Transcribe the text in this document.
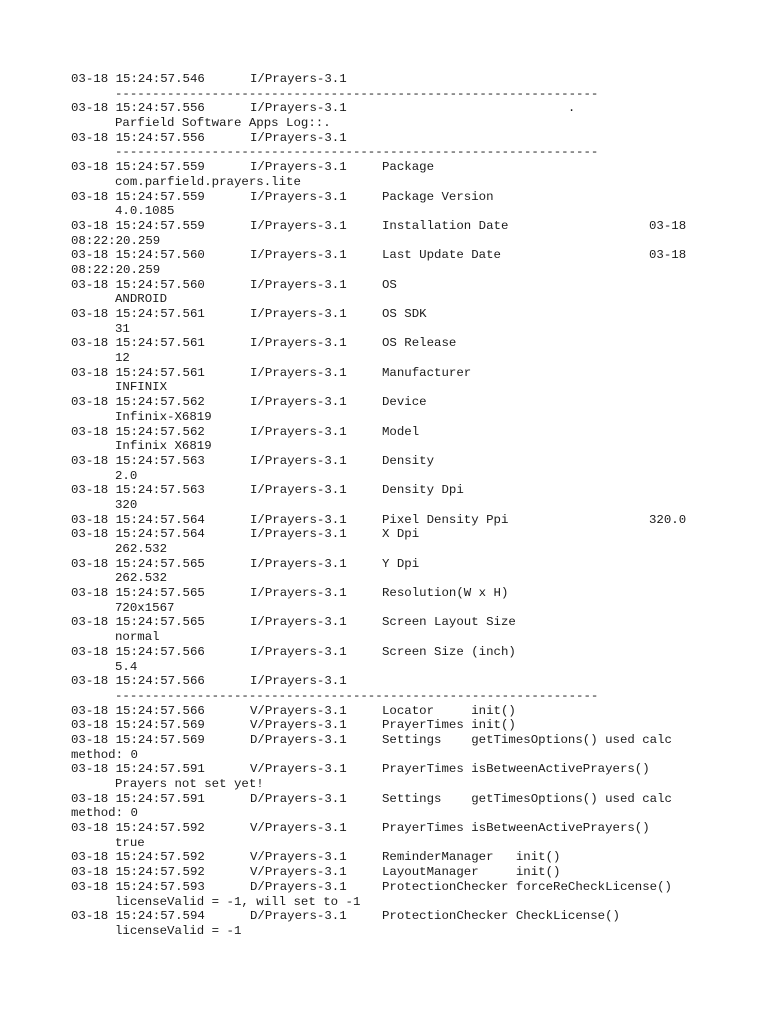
03-18 15:24:57.546	I/Prayers-3.1
-----------------------------------------------------------------
03-18 15:24:57.556	I/Prayers-3.1	.
Parfield Software Apps Log::.
03-18 15:24:57.556	I/Prayers-3.1
-----------------------------------------------------------------
03-18 15:24:57.559	I/Prayers-3.1	Package
com.parfield.prayers.lite
03-18 15:24:57.559	I/Prayers-3.1	Package Version
4.0.1085
03-18 15:24:57.559	I/Prayers-3.1	Installation Date	03-18
08:22:20.259
03-18 15:24:57.560	I/Prayers-3.1	Last Update Date	03-18
08:22:20.259
03-18 15:24:57.560	I/Prayers-3.1	OS
ANDROID
03-18 15:24:57.561	I/Prayers-3.1	OS SDK
31
03-18 15:24:57.561	I/Prayers-3.1	OS Release
12
03-18 15:24:57.561	I/Prayers-3.1	Manufacturer
INFINIX
03-18 15:24:57.562	I/Prayers-3.1	Device
Infinix-X6819
03-18 15:24:57.562	I/Prayers-3.1	Model
Infinix X6819
03-18 15:24:57.563	I/Prayers-3.1	Density
2.0
03-18 15:24:57.563	I/Prayers-3.1	Density Dpi
320
03-18 15:24:57.564	I/Prayers-3.1	Pixel Density Ppi	320.0
03-18 15:24:57.564	I/Prayers-3.1	X Dpi
262.532
03-18 15:24:57.565	I/Prayers-3.1	Y Dpi
262.532
03-18 15:24:57.565	I/Prayers-3.1	Resolution(W x H)
720x1567
03-18 15:24:57.565	I/Prayers-3.1	Screen Layout Size
normal
03-18 15:24:57.566	I/Prayers-3.1	Screen Size (inch)
5.4
03-18 15:24:57.566	I/Prayers-3.1
-----------------------------------------------------------------
03-18 15:24:57.566	V/Prayers-3.1	Locator     init()
03-18 15:24:57.569	V/Prayers-3.1	PrayerTimes init()
03-18 15:24:57.569	D/Prayers-3.1	Settings    getTimesOptions() used calc
method: 0
03-18 15:24:57.591	V/Prayers-3.1	PrayerTimes isBetweenActivePrayers()
Prayers not set yet!
03-18 15:24:57.591	D/Prayers-3.1	Settings    getTimesOptions() used calc
method: 0
03-18 15:24:57.592	V/Prayers-3.1	PrayerTimes isBetweenActivePrayers()
true
03-18 15:24:57.592	V/Prayers-3.1	ReminderManager   init()
03-18 15:24:57.592	V/Prayers-3.1	LayoutManager     init()
03-18 15:24:57.593	D/Prayers-3.1	ProtectionChecker forceReCheckLicense()
licenseValid = -1, will set to -1
03-18 15:24:57.594	D/Prayers-3.1	ProtectionChecker CheckLicense()
licenseValid = -1
